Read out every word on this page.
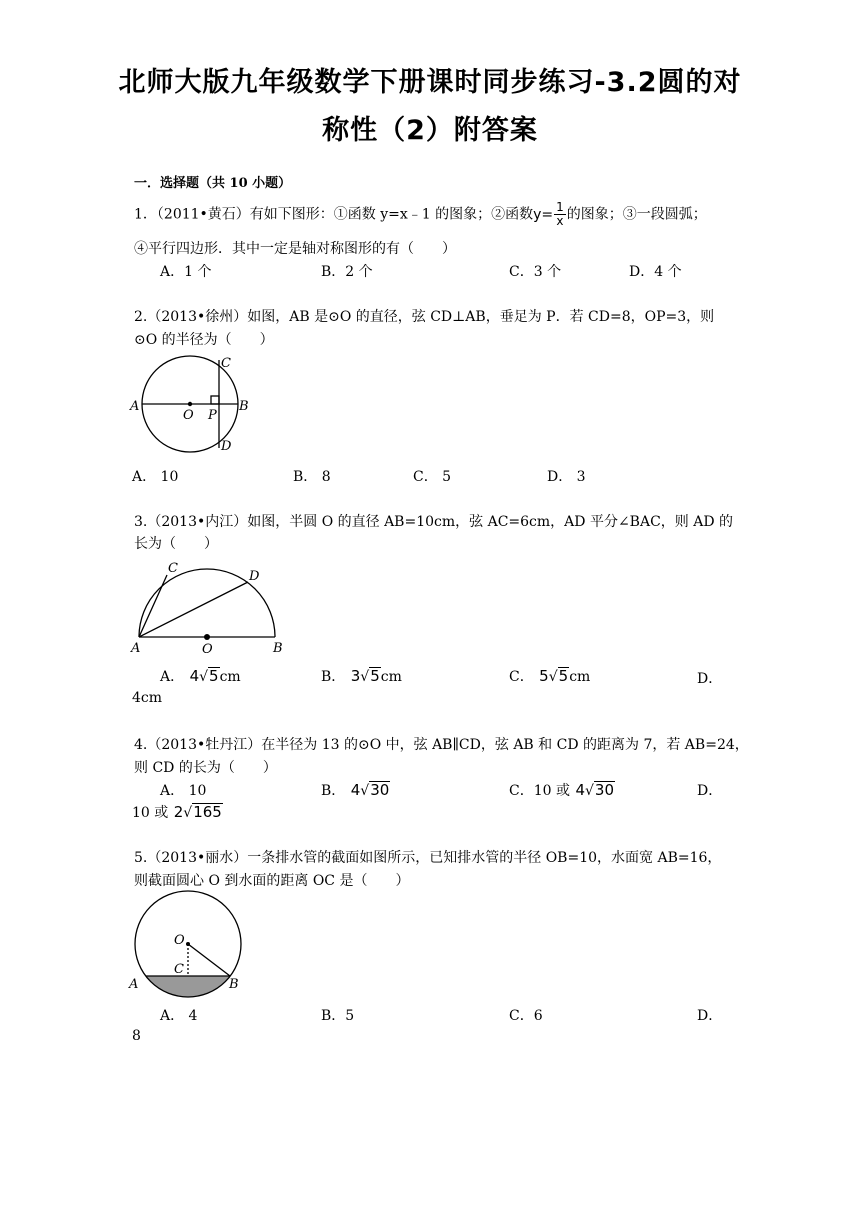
北师大版九年级数学下册课时同步练习-3.2圆的对
称性（2）附答案
一．选择题（共 10 小题）
1．（2011•黄石）有如下图形：①函数 y=x﹣1 的图象；②函数$y= \frac{1}{x}$ 的图象；③一段圆弧；
④平行四边形．其中一定是轴对称图形的有（　　）
A．1 个	B．2 个	C．3 个	D．4 个
2.（2013•徐州）如图，AB 是⊙O 的直径，弦 CD⊥AB，垂足为 P．若 CD=8，OP=3，则
⊙O 的半径为（　　）
A
O P
B
C
D
A	O	B
C
D
O
C
A	B
A． 10	B． 8	C． 5	D． 3
3.（2013•内江）如图，半圆 O 的直径 AB=10cm，弦 AC=6cm，AD 平分∠BAC，则 AD 的
长为（　　）
A． 4√5cm	B． 3√5cm	C． 5√5cm	D．
4cm
4.（2013•牡丹江）在半径为 13 的⊙O 中，弦 AB∥CD，弦 AB 和 CD 的距离为 7，若 AB=24，
则 CD 的长为（　　）
A． 10	B． 4√30	C．10 或 4√30	D．
10 或 2√165
5.（2013•丽水）一条排水管的截面如图所示，已知排水管的半径 OB=10，水面宽 AB=16，
则截面圆心 O 到水面的距离 OC 是（　　）
A． 4	B．5	C．6	D．
8
